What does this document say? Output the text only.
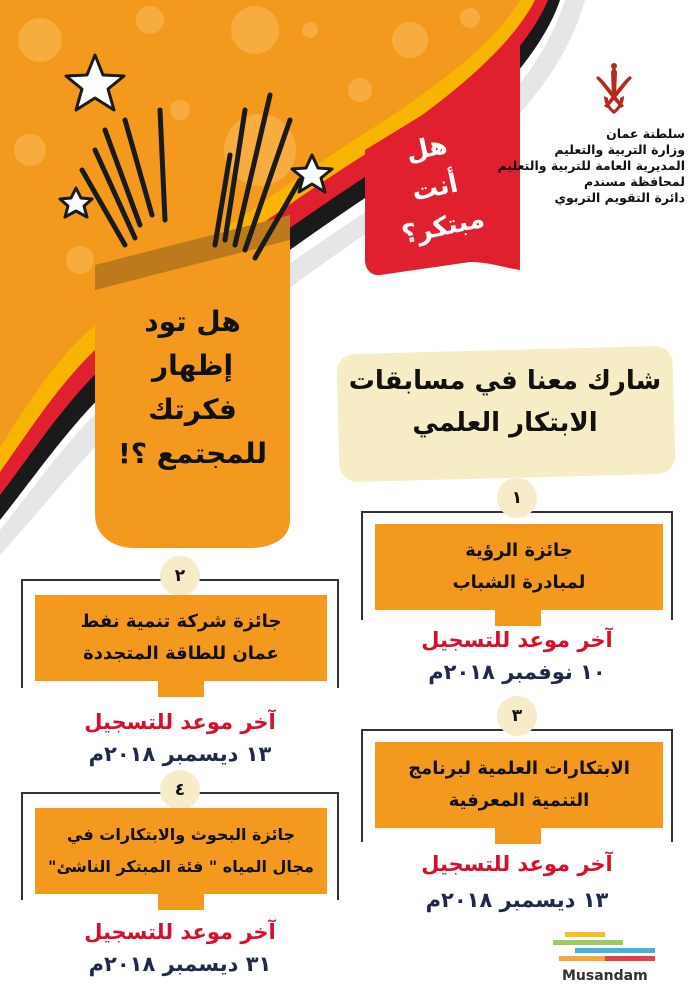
سلطنة عمان
وزارة التربية والتعليم
المديرية العامة للتربية والتعليم
لمحافظة مسندم
دائرة التقويم التربوي
هل
أنت
مبتكر؟
هل تود
إظهار
فكرتك
للمجتمع ؟!
شارك معنا في مسابقات
الابتكار العلمي
١
جائزة الرؤية
لمبادرة الشباب
آخر موعد للتسجيل
١٠ نوفمبر ٢٠١٨م
٢
جائزة شركة تنمية نفط
عمان للطاقة المتجددة
آخر موعد للتسجيل
١٣ ديسمبر ٢٠١٨م
٣
الابتكارات العلمية لبرنامج
التنمية المعرفية
آخر موعد للتسجيل
١٣ ديسمبر ٢٠١٨م
٤
جائزة البحوث والابتكارات في
مجال المياه " فئة المبتكر الناشئ"
آخر موعد للتسجيل
٣١ ديسمبر ٢٠١٨م	Musandam
